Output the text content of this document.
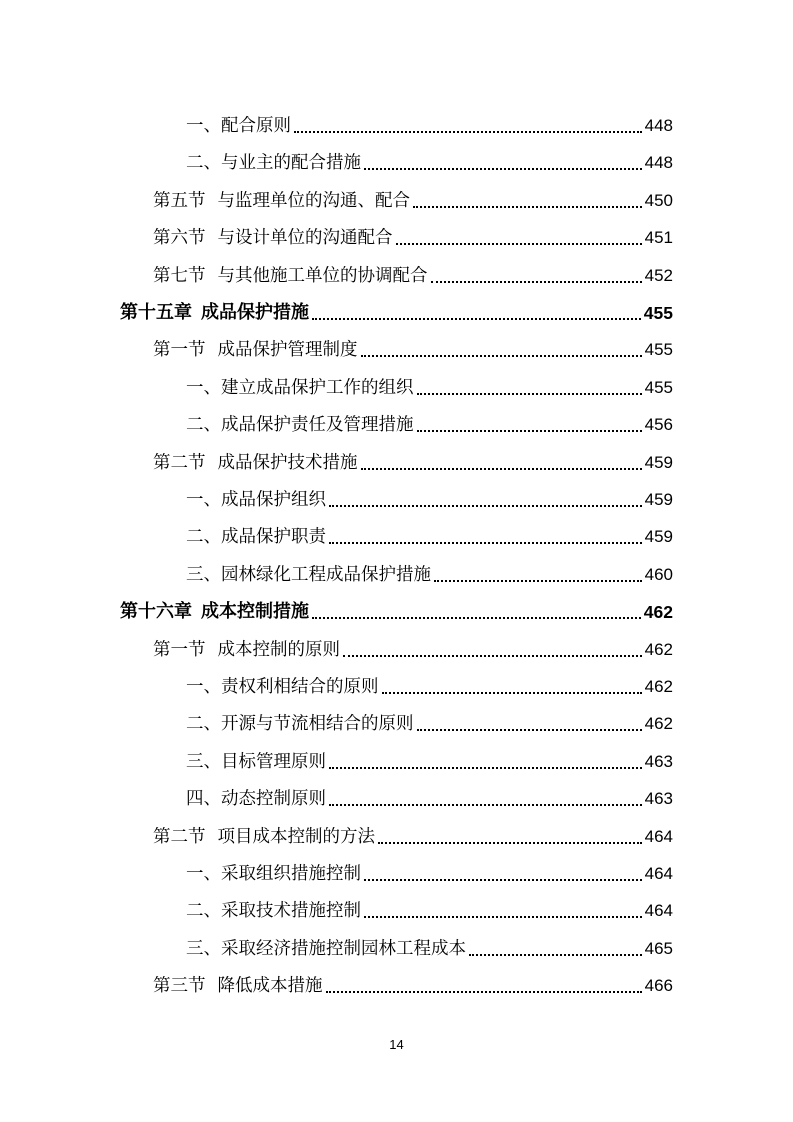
一、 配合原则	448
二、 与业主的配合措施	448
第五节 与监理单位的沟通、配合	450
第六节 与设计单位的沟通配合	451
第七节 与其他施工单位的协调配合	452
第十五章 成品保护措施	455
第一节 成品保护管理制度	455
一、 建立成品保护工作的组织	455
二、 成品保护责任及管理措施	456
第二节 成品保护技术措施	459
一、 成品保护组织	459
二、 成品保护职责	459
三、 园林绿化工程成品保护措施	460
第十六章 成本控制措施	462
第一节 成本控制的原则	462
一、 责权利相结合的原则	462
二、 开源与节流相结合的原则	462
三、 目标管理原则	463
四、 动态控制原则	463
第二节 项目成本控制的方法	464
一、 采取组织措施控制	464
二、 采取技术措施控制	464
三、 采取经济措施控制园林工程成本	465
第三节 降低成本措施	466
14
